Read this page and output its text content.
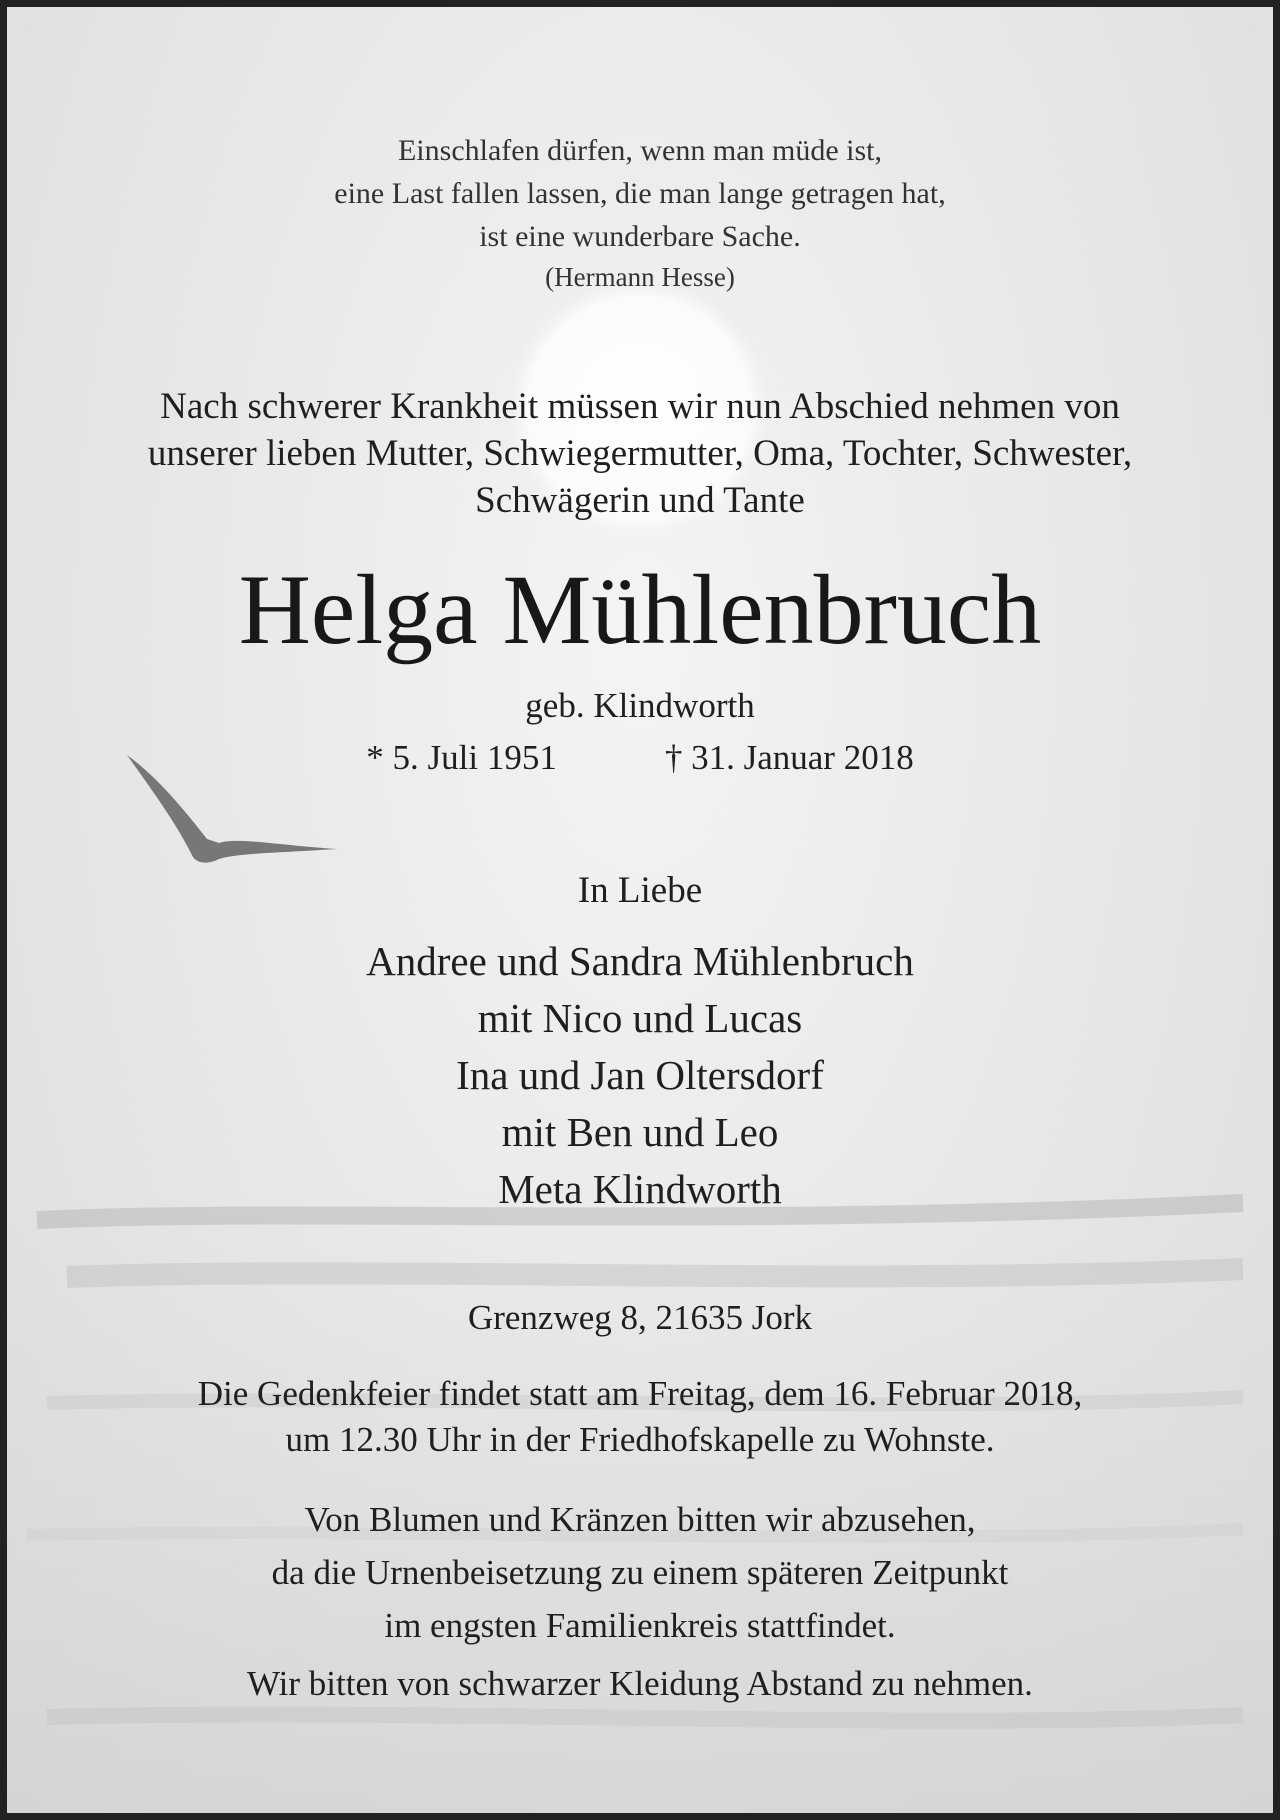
Einschlafen dürfen, wenn man müde ist,
eine Last fallen lassen, die man lange getragen hat,
ist eine wunderbare Sache.
(Hermann Hesse)
Nach schwerer Krankheit müssen wir nun Abschied nehmen von
unserer lieben Mutter, Schwiegermutter, Oma, Tochter, Schwester,
Schwägerin und Tante
Helga Mühlenbruch
geb. Klindworth
* 5. Juli 1951	† 31. Januar 2018
In Liebe
Andree und Sandra Mühlenbruch
mit Nico und Lucas
Ina und Jan Oltersdorf
mit Ben und Leo
Meta Klindworth
Grenzweg 8, 21635 Jork
Die Gedenkfeier findet statt am Freitag, dem 16. Februar 2018,
um 12.30 Uhr in der Friedhofskapelle zu Wohnste.
Von Blumen und Kränzen bitten wir abzusehen,
da die Urnenbeisetzung zu einem späteren Zeitpunkt
im engsten Familienkreis stattfindet.
Wir bitten von schwarzer Kleidung Abstand zu nehmen.
